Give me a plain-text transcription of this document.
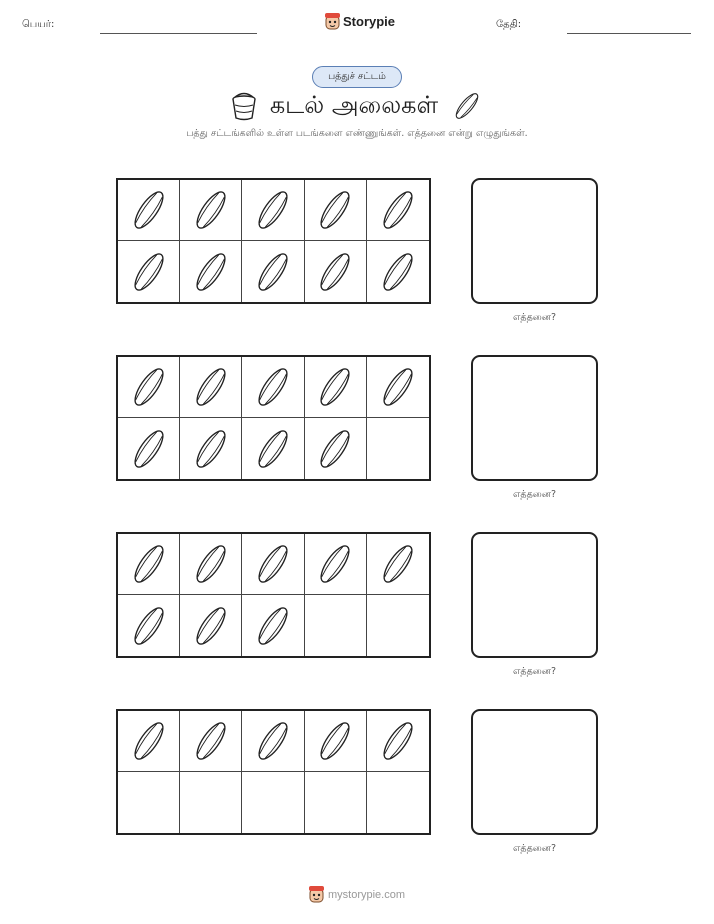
பெயர்:	Storypie	தேதி:
பத்துச் சட்டம்
கடல் அலைகள்
பத்து சட்டங்களில் உள்ள படங்களை எண்ணுங்கள். எத்தனை என்று எழுதுங்கள்.
எத்தனை?
எத்தனை?
எத்தனை?
எத்தனை?
mystorypie.com
